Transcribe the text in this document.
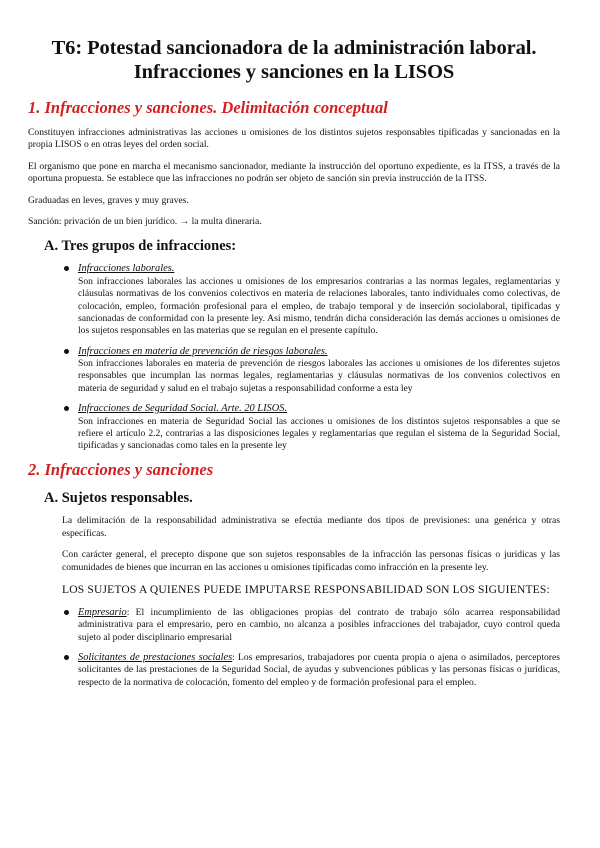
T6: Potestad sancionadora de la administración laboral. Infracciones y sanciones en la LISOS
1. Infracciones y sanciones. Delimitación conceptual

Constituyen infracciones administrativas las acciones u omisiones de los distintos sujetos responsables tipificadas y sancionadas en la propia LISOS o en otras leyes del orden social.

El organismo que pone en marcha el mecanismo sancionador, mediante la instrucción del oportuno expediente, es la ITSS, a través de la oportuna propuesta. Se establece que las infracciones no podrán ser objeto de sanción sin previa instrucción de la ITSS.

Graduadas en leves, graves y muy graves.

Sanción: privación de un bien jurídico. → la multa dineraria.

A. Tres grupos de infracciones:
Infracciones laborales.
Son infracciones laborales las acciones u omisiones de los empresarios contrarias a las normas legales, reglamentarias y cláusulas normativas de los convenios colectivos en materia de relaciones laborales, tanto individuales como colectivas, de colocación, empleo, formación profesional para el empleo, de trabajo temporal y de inserción sociolaboral, tipificadas y sancionadas de conformidad con la presente ley. Así mismo, tendrán dicha consideración las demás acciones u omisiones de los sujetos responsables en las materias que se regulan en el presente capítulo.
Infracciones en materia de prevención de riesgos laborales.
Son infracciones laborales en materia de prevención de riesgos laborales las acciones u omisiones de los diferentes sujetos responsables que incumplan las normas legales, reglamentarias y cláusulas normativas de los convenios colectivos en materia de seguridad y salud en el trabajo sujetas a responsabilidad conforme a esta ley
Infracciones de Seguridad Social. Arte. 20 LISOS.
Son infracciones en materia de Seguridad Social las acciones u omisiones de los distintos sujetos responsables a que se refiere el artículo 2.2, contrarias a las disposiciones legales y reglamentarias que regulan el sistema de la Seguridad Social, tipificadas y sancionadas como tales en la presente ley
2. Infracciones y sanciones
A. Sujetos responsables.

La delimitación de la responsabilidad administrativa se efectúa mediante dos tipos de previsiones: una genérica y otras específicas.

Con carácter general, el precepto dispone que son sujetos responsables de la infracción las personas físicas o jurídicas y las comunidades de bienes que incurran en las acciones u omisiones tipificadas como infracción en la presente ley.

LOS SUJETOS A QUIENES PUEDE IMPUTARSE RESPONSABILIDAD SON LOS SIGUIENTES:

Empresario: El incumplimiento de las obligaciones propias del contrato de trabajo sólo acarrea responsabilidad administrativa para el empresario, pero en cambio, no alcanza a posibles infracciones del trabajador, cuyo control queda sujeto al poder disciplinario empresarial
Solicitantes de prestaciones sociales: Los empresarios, trabajadores por cuenta propia o ajena o asimilados, perceptores solicitantes de las prestaciones de la Seguridad Social, de ayudas y subvenciones públicas y las personas físicas o jurídicas, respecto de la normativa de colocación, fomento del empleo y de formación profesional para el empleo.
